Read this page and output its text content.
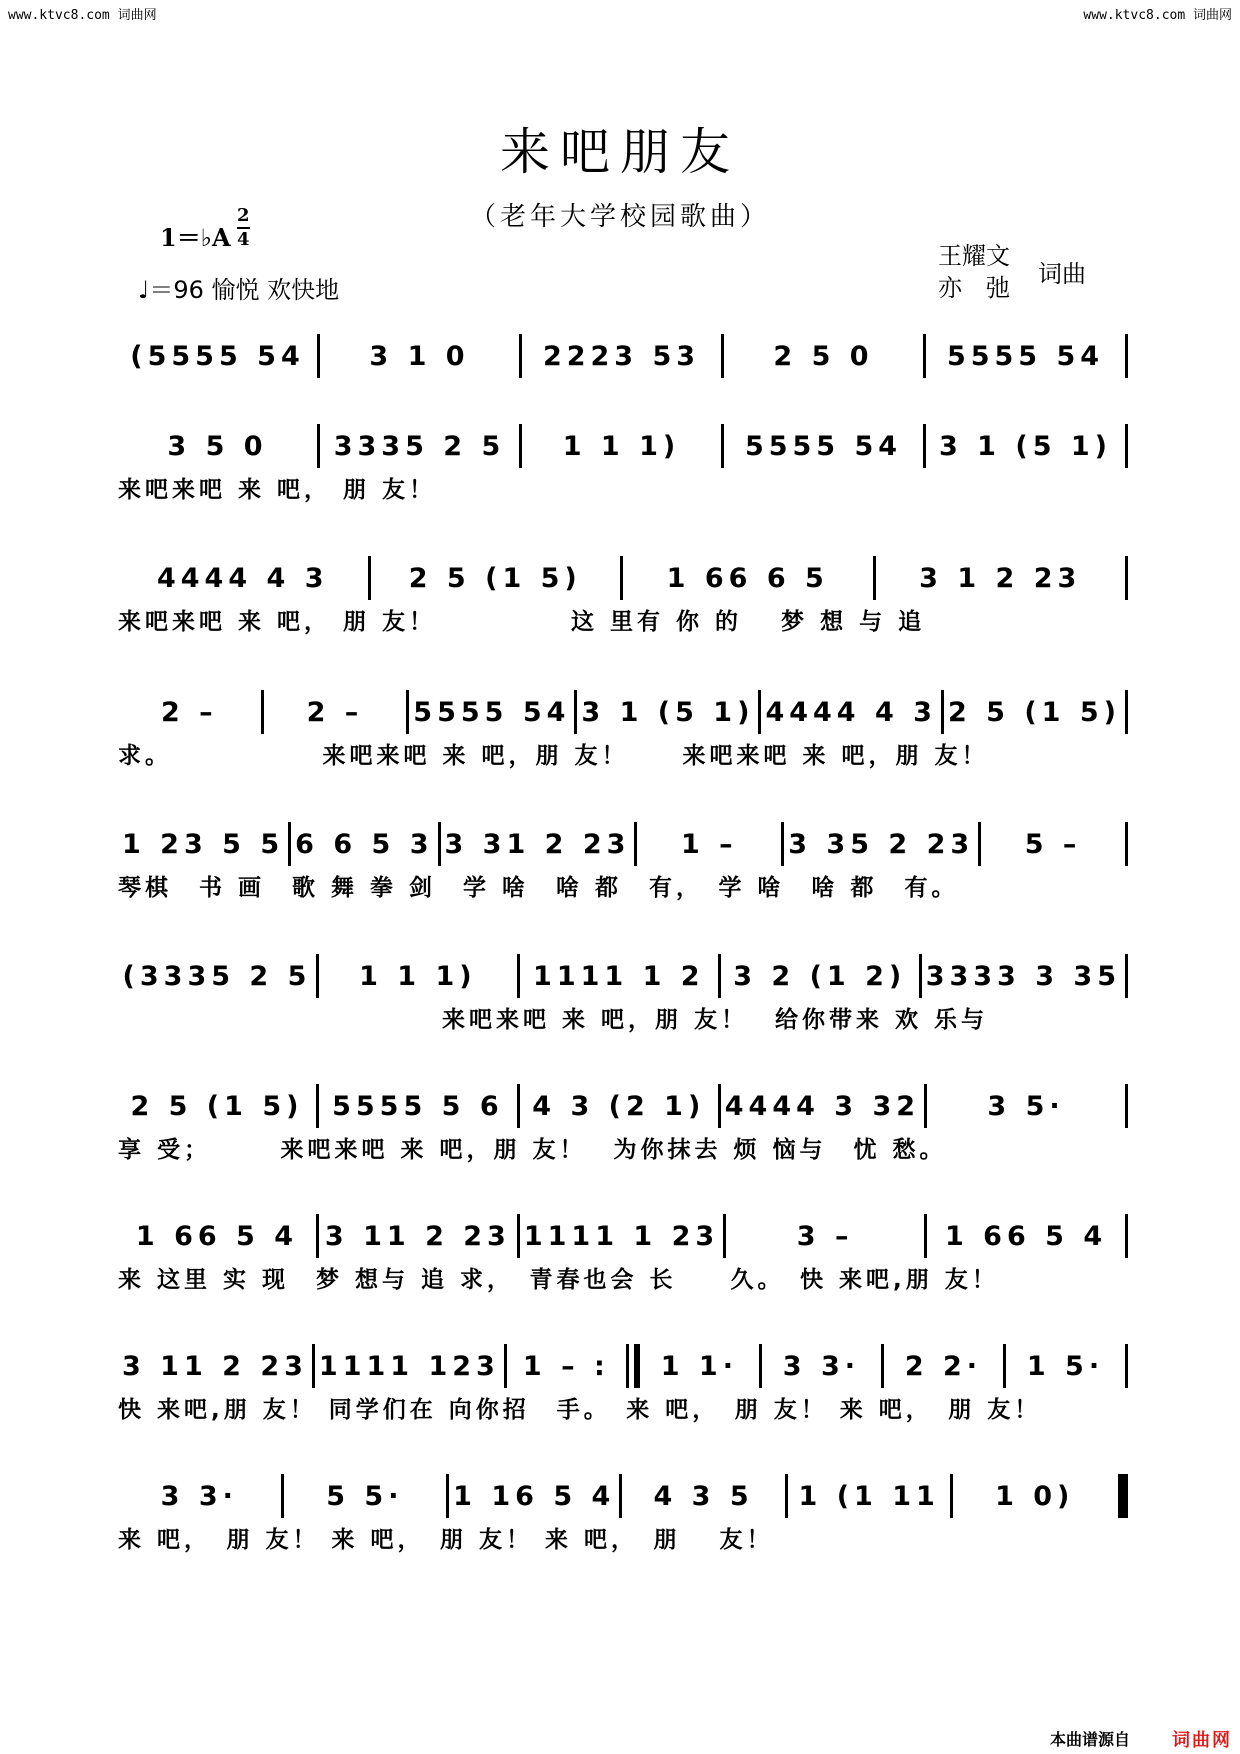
www.ktvc8.com 词曲网	www.ktvc8.com 词曲网
来吧朋友
（老年大学校园歌曲）
1＝♭A
2
4
♩＝96 愉悦 欢快地
王耀文
亦　弛 词曲
(5555 54	3 1 0	2223 53	2 5 0	5555 54
3 5 0	3335 2 5	1 1 1)	5555 54	3 1 (5 1)
来吧来吧 来 吧， 朋 友！
4444 4 3	2 5 (1 5)	1 66 6 5	3 1 2 23
来吧来吧 来 吧， 朋 友！　　　　　这 里有 你 的　 梦 想 与 追
2 –	2 –	5555 54 3 1 (5 1) 4444 4 3 2 5 (1 5)
求。　　　　　　来吧来吧 来 吧，朋 友！　　来吧来吧 来 吧，朋 友！
1 23 5 5 6 6 5 3 3 31 2 23	1 –	3 35 2 23	5 –
琴棋　书 画　歌 舞 拳 剑　学 啥　啥 都　有，　学 啥　啥 都　有。
(3335 2 5	1 1 1)	1111 1 2	3 2 (1 2) 3333 3 35
　　　　　　　　　　　　来吧来吧 来 吧，朋 友！　给你带来 欢 乐与
2 5 (1 5)	5555 5 6	4 3 (2 1) 4444 3 32	3 5·
享 受；　　　来吧来吧 来 吧，朋 友！　为你抹去 烦 恼与　忧 愁。
1 66 5 4 3 11 2 23 1111 1 23	3 –	1 66 5 4
来 这里 实 现　梦 想与 追 求，　青春也会 长　　久。　快 来吧,朋 友！
3 11 2 23 1111 123 1 – :	1 1·	3 3·	2 2·	1 5·
快 来吧,朋 友！ 同学们在 向你招　手。　来 吧，　朋 友！ 来 吧，　朋 友！
3 3·	5 5·	1 16 5 4	4 3 5	1 (1 11	1 0)
来 吧，　朋 友！ 来 吧，　朋 友！ 来 吧，　朋　 友！
本曲谱源自 词曲网
